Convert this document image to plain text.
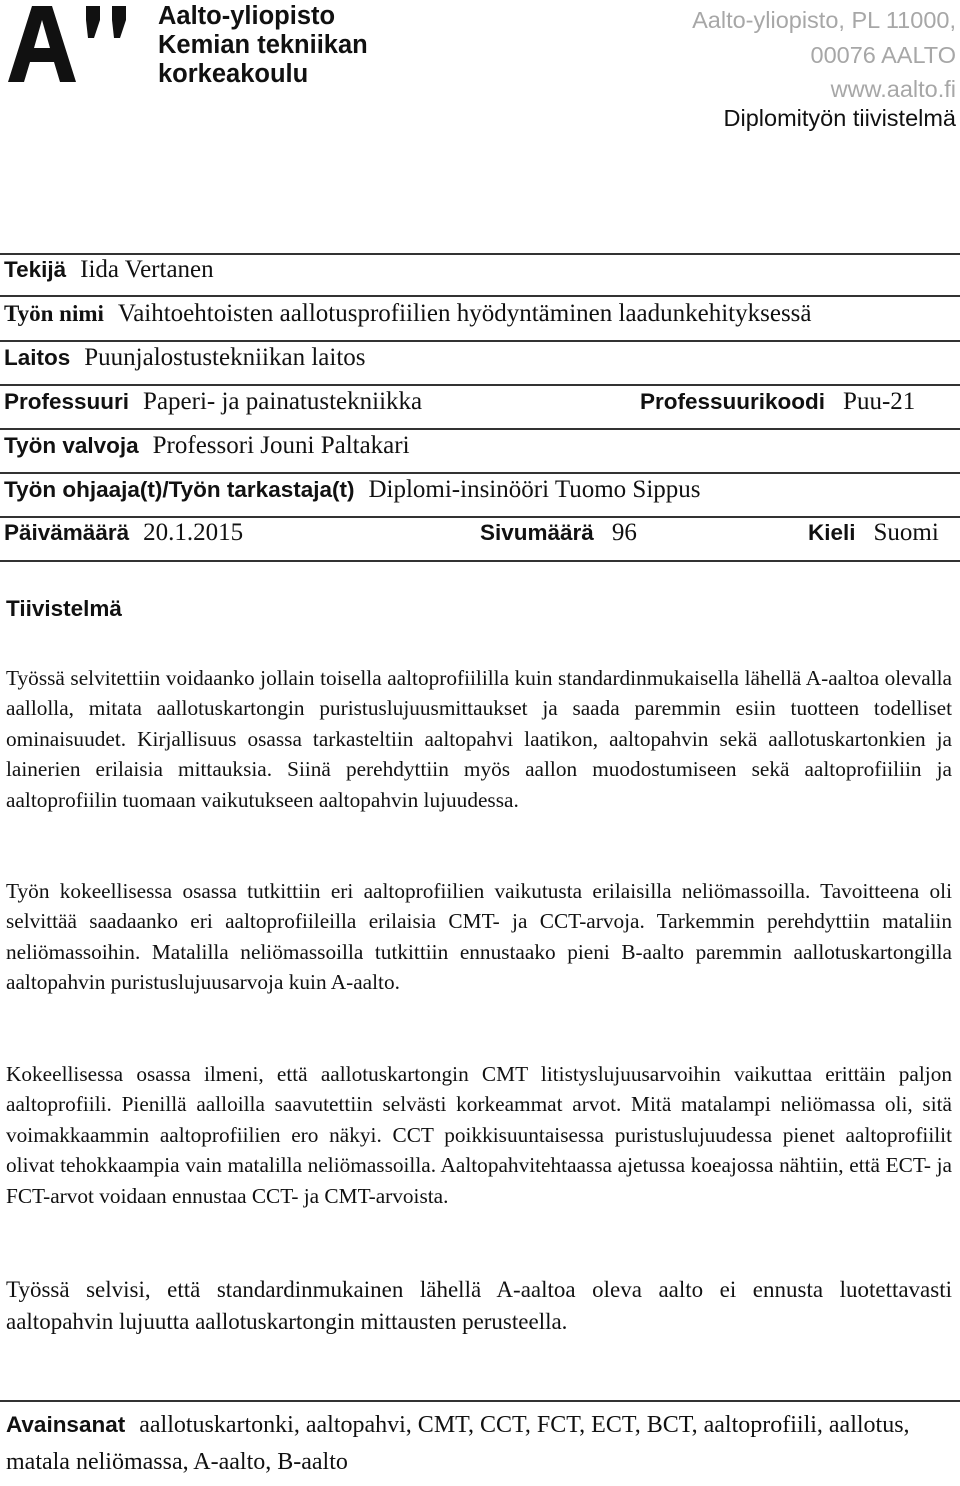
Aalto-yliopisto
Kemian tekniikan
korkeakoulu
Aalto-yliopisto, PL 11000,
00076 AALTO
www.aalto.fi
Diplomityön tiivistelmä
Tekijä Iida Vertanen
Työn nimi Vaihtoehtoisten aallotusprofiilien hyödyntäminen laadunkehityksessä
Laitos Puunjalostustekniikan laitos
Professuuri Paperi- ja painatustekniikka	Professuurikoodi Puu-21
Työn valvoja Professori Jouni Paltakari
Työn ohjaaja(t)/Työn tarkastaja(t) Diplomi-insinööri Tuomo Sippus
Päivämäärä 20.1.2015	Sivumäärä 96	Kieli Suomi
Tiivistelmä
Työssä selvitettiin voidaanko jollain toisella aaltoprofiililla kuin standardinmukaisella lähellä A-aaltoa olevalla aallolla, mitata aallotuskartongin puristuslujuusmittaukset ja saada paremmin esiin tuotteen todelliset ominaisuudet. Kirjallisuus osassa tarkasteltiin aaltopahvi laatikon, aaltopahvin sekä aallotuskartonkien ja lainerien erilaisia mittauksia. Siinä perehdyttiin myös aallon muodostumiseen sekä aaltoprofiiliin ja aaltoprofiilin tuomaan vaikutukseen aaltopahvin lujuudessa.
Työn kokeellisessa osassa tutkittiin eri aaltoprofiilien vaikutusta erilaisilla neliömassoilla. Tavoitteena oli selvittää saadaanko eri aaltoprofiileilla erilaisia CMT- ja CCT-arvoja. Tarkemmin perehdyttiin mataliin neliömassoihin. Matalilla neliömassoilla tutkittiin ennustaako pieni B-aalto paremmin aallotuskartongilla aaltopahvin puristuslujuusarvoja kuin A-aalto.
Kokeellisessa osassa ilmeni, että aallotuskartongin CMT litistyslujuusarvoihin vaikuttaa erittäin paljon aaltoprofiili. Pienillä aalloilla saavutettiin selvästi korkeammat arvot. Mitä matalampi neliömassa oli, sitä voimakkaammin aaltoprofiilien ero näkyi. CCT poikkisuuntaisessa puristuslujuudessa pienet aaltoprofiilit olivat tehokkaampia vain matalilla neliömassoilla. Aaltopahvitehtaassa ajetussa koeajossa nähtiin, että ECT- ja FCT-arvot voidaan ennustaa CCT- ja CMT-arvoista.
Työssä selvisi, että standardinmukainen lähellä A-aaltoa oleva aalto ei ennusta luotettavasti aaltopahvin lujuutta aallotuskartongin mittausten perusteella.
Avainsanat aallotuskartonki, aaltopahvi, CMT, CCT, FCT, ECT, BCT, aaltoprofiili, aallotus, matala neliömassa, A-aalto, B-aalto
